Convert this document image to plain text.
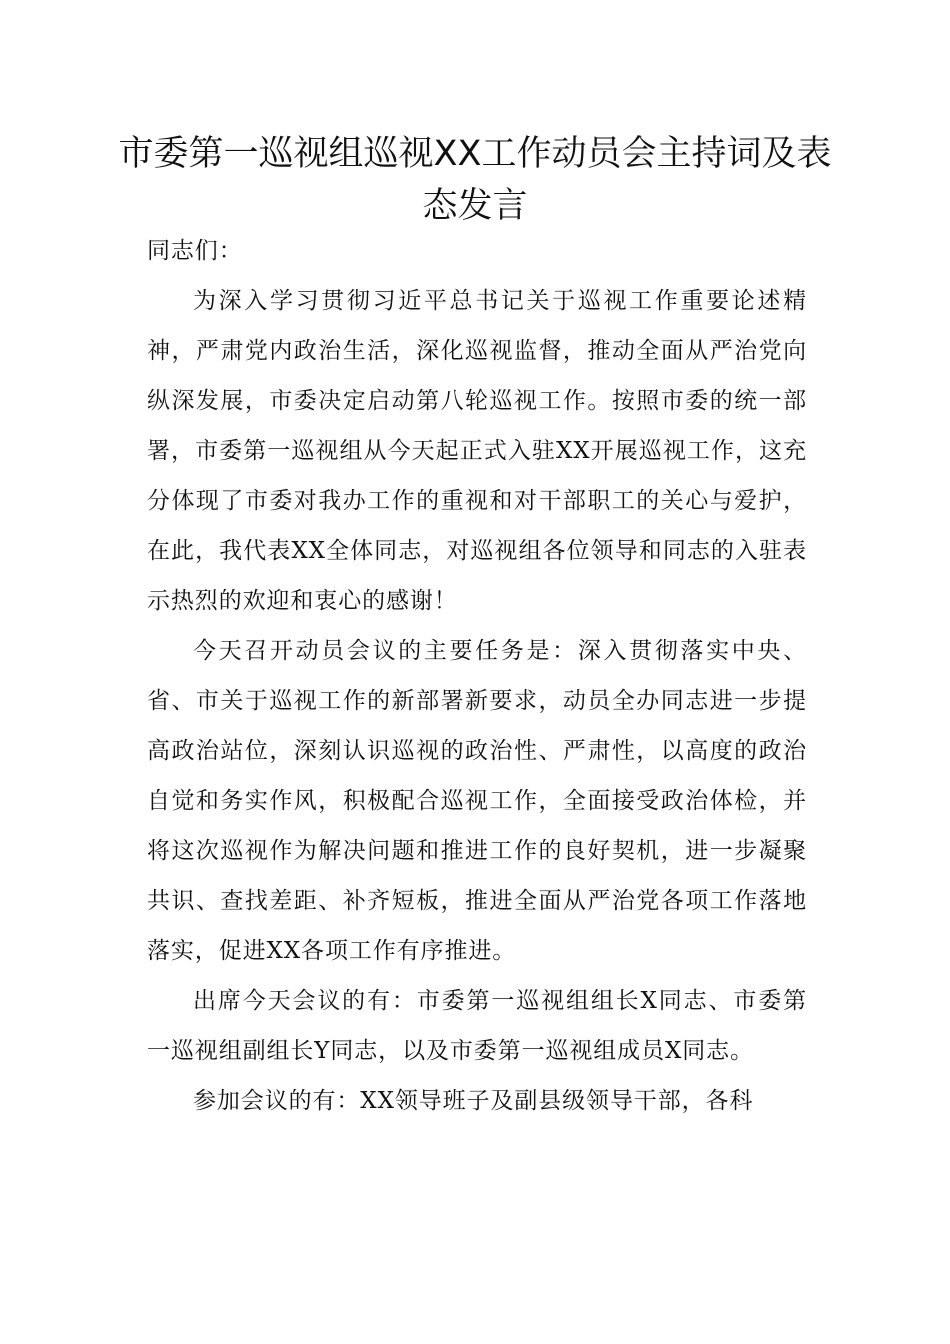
市委第一巡视组巡视XX工作动员会主持词及表态发言

同志们：

为深入学习贯彻习近平总书记关于巡视工作重要论述精神，严肃党内政治生活，深化巡视监督，推动全面从严治党向纵深发展，市委决定启动第八轮巡视工作。按照市委的统一部署，市委第一巡视组从今天起正式入驻XX开展巡视工作，这充分体现了市委对我办工作的重视和对干部职工的关心与爱护，在此，我代表XX全体同志，对巡视组各位领导和同志的入驻表示热烈的欢迎和衷心的感谢！

今天召开动员会议的主要任务是：深入贯彻落实中央、省、市关于巡视工作的新部署新要求，动员全办同志进一步提高政治站位，深刻认识巡视的政治性、严肃性，以高度的政治自觉和务实作风，积极配合巡视工作，全面接受政治体检，并将这次巡视作为解决问题和推进工作的良好契机，进一步凝聚共识、查找差距、补齐短板，推进全面从严治党各项工作落地落实，促进XX各项工作有序推进。

出席今天会议的有：市委第一巡视组组长X同志、市委第一巡视组副组长Y同志，以及市委第一巡视组成员X同志。

参加会议的有：XX领导班子及副县级领导干部，各科
